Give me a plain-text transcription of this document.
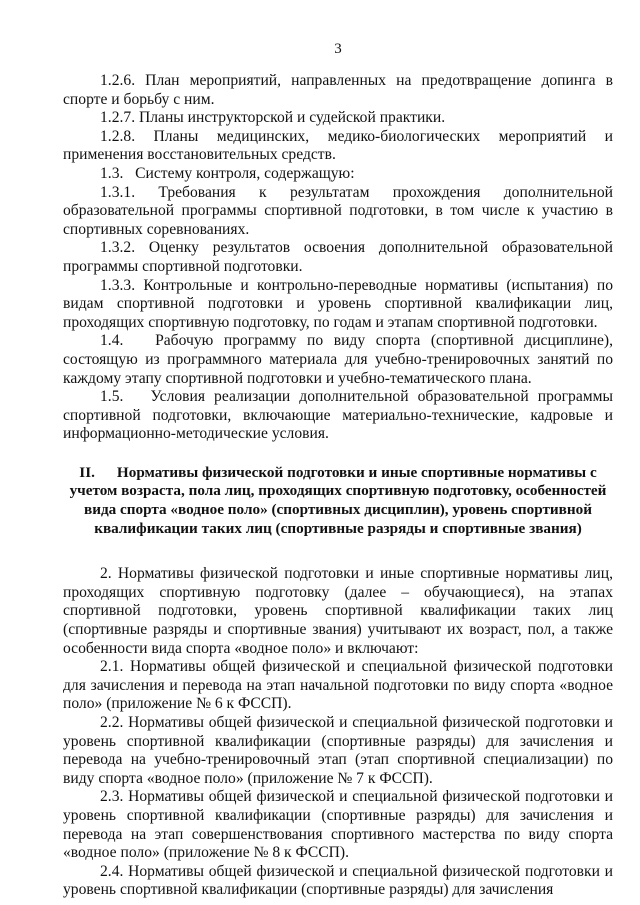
3

1.2.6. План мероприятий, направленных на предотвращение допинга в спорте и борьбу с ним.

1.2.7. Планы инструкторской и судейской практики.

1.2.8. Планы медицинских, медико-биологических мероприятий и применения восстановительных средств.

1.3.   Систему контроля, содержащую:

1.3.1. Требования к результатам прохождения дополнительной образовательной программы спортивной подготовки, в том числе к участию в спортивных соревнованиях.

1.3.2. Оценку результатов освоения дополнительной образовательной программы спортивной подготовки.

1.3.3. Контрольные и контрольно-переводные нормативы (испытания) по видам спортивной подготовки и уровень спортивной квалификации лиц, проходящих спортивную подготовку, по годам и этапам спортивной подготовки.

1.4.   Рабочую программу по виду спорта (спортивной дисциплине), состоящую из программного материала для учебно-тренировочных занятий по каждому этапу спортивной подготовки и учебно-тематического плана.

1.5.   Условия реализации дополнительной образовательной программы спортивной подготовки, включающие материально-технические, кадровые и информационно-методические условия.

II. Нормативы физической подготовки и иные спортивные нормативы с учетом возраста, пола лиц, проходящих спортивную подготовку, особенностей вида спорта «водное поло» (спортивных дисциплин), уровень спортивной квалификации таких лиц (спортивные разряды и спортивные звания)

2. Нормативы физической подготовки и иные спортивные нормативы лиц, проходящих спортивную подготовку (далее – обучающиеся), на этапах спортивной подготовки, уровень спортивной квалификации таких лиц (спортивные разряды и спортивные звания) учитывают их возраст, пол, а также особенности вида спорта «водное поло» и включают:

2.1. Нормативы общей физической и специальной физической подготовки для зачисления и перевода на этап начальной подготовки по виду спорта «водное поло» (приложение № 6 к ФССП).

2.2. Нормативы общей физической и специальной физической подготовки и уровень спортивной квалификации (спортивные разряды) для зачисления и перевода на учебно-тренировочный этап (этап спортивной специализации) по виду спорта «водное поло» (приложение № 7 к ФССП).

2.3. Нормативы общей физической и специальной физической подготовки и уровень спортивной квалификации (спортивные разряды) для зачисления и перевода на этап совершенствования спортивного мастерства по виду спорта «водное поло» (приложение № 8 к ФССП).

2.4. Нормативы общей физической и специальной физической подготовки и уровень спортивной квалификации (спортивные разряды) для зачисления
